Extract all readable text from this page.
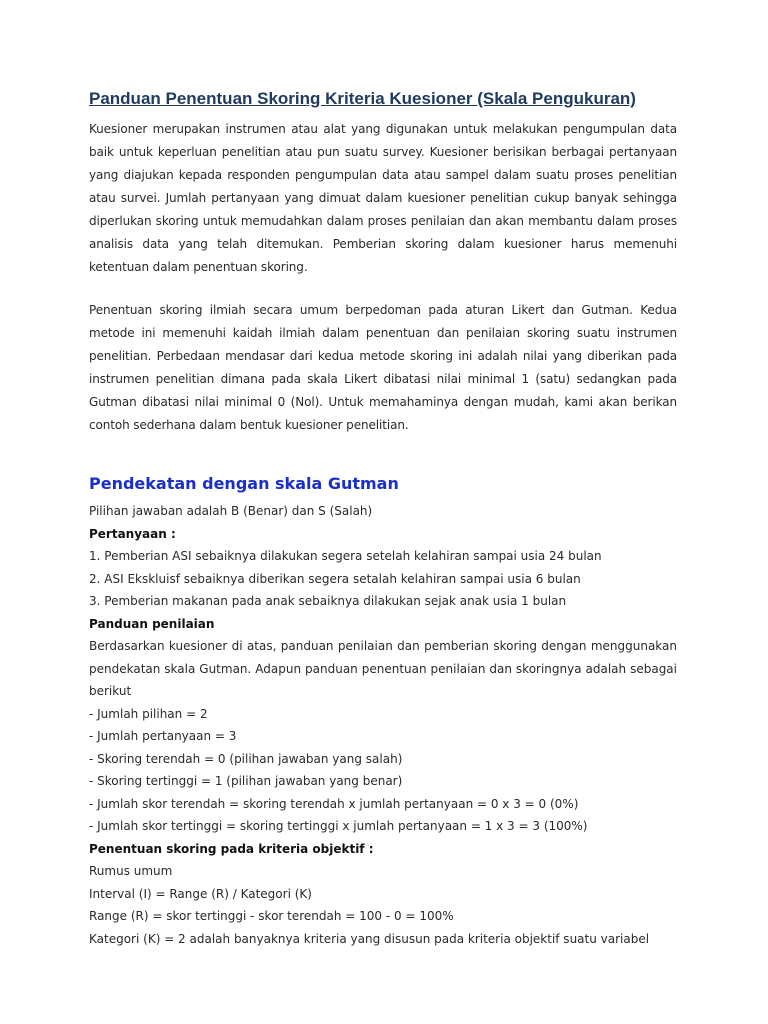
Panduan Penentuan Skoring Kriteria Kuesioner (Skala Pengukuran)

Kuesioner merupakan instrumen atau alat yang digunakan untuk melakukan pengumpulan data baik untuk keperluan penelitian atau pun suatu survey. Kuesioner berisikan berbagai pertanyaan yang diajukan kepada responden pengumpulan data atau sampel dalam suatu proses penelitian atau survei. Jumlah pertanyaan yang dimuat dalam kuesioner penelitian cukup banyak sehingga diperlukan skoring untuk memudahkan dalam proses penilaian dan akan membantu dalam proses analisis data yang telah ditemukan. Pemberian skoring dalam kuesioner harus memenuhi ketentuan dalam penentuan skoring.

Penentuan skoring ilmiah secara umum berpedoman pada aturan Likert dan Gutman. Kedua metode ini memenuhi kaidah ilmiah dalam penentuan dan penilaian skoring suatu instrumen penelitian. Perbedaan mendasar dari kedua metode skoring ini adalah nilai yang diberikan pada instrumen penelitian dimana pada skala Likert dibatasi nilai minimal 1 (satu) sedangkan pada Gutman dibatasi nilai minimal 0 (Nol). Untuk memahaminya dengan mudah, kami akan berikan contoh sederhana dalam bentuk kuesioner penelitian.

Pendekatan dengan skala Gutman

Pilihan jawaban adalah B (Benar) dan S (Salah)

Pertanyaan :

1. Pemberian ASI sebaiknya dilakukan segera setelah kelahiran sampai usia 24 bulan

2. ASI Ekskluisf sebaiknya diberikan segera setalah kelahiran sampai usia 6 bulan

3. Pemberian makanan pada anak sebaiknya dilakukan sejak anak usia 1 bulan

Panduan penilaian

Berdasarkan kuesioner di atas, panduan penilaian dan pemberian skoring dengan menggunakan pendekatan skala Gutman. Adapun panduan penentuan penilaian dan skoringnya adalah sebagai berikut

- Jumlah pilihan = 2

- Jumlah pertanyaan = 3

- Skoring terendah = 0 (pilihan jawaban yang salah)

- Skoring tertinggi = 1 (pilihan jawaban yang benar)

- Jumlah skor terendah = skoring terendah x jumlah pertanyaan = 0 x 3 = 0 (0%)

- Jumlah skor tertinggi = skoring tertinggi x jumlah pertanyaan = 1 x 3 = 3 (100%)

Penentuan skoring pada kriteria objektif :

Rumus umum

Interval (I) = Range (R) / Kategori (K)

Range (R) = skor tertinggi - skor terendah = 100 - 0 = 100%

Kategori (K) = 2 adalah banyaknya kriteria yang disusun pada kriteria objektif suatu variabel
